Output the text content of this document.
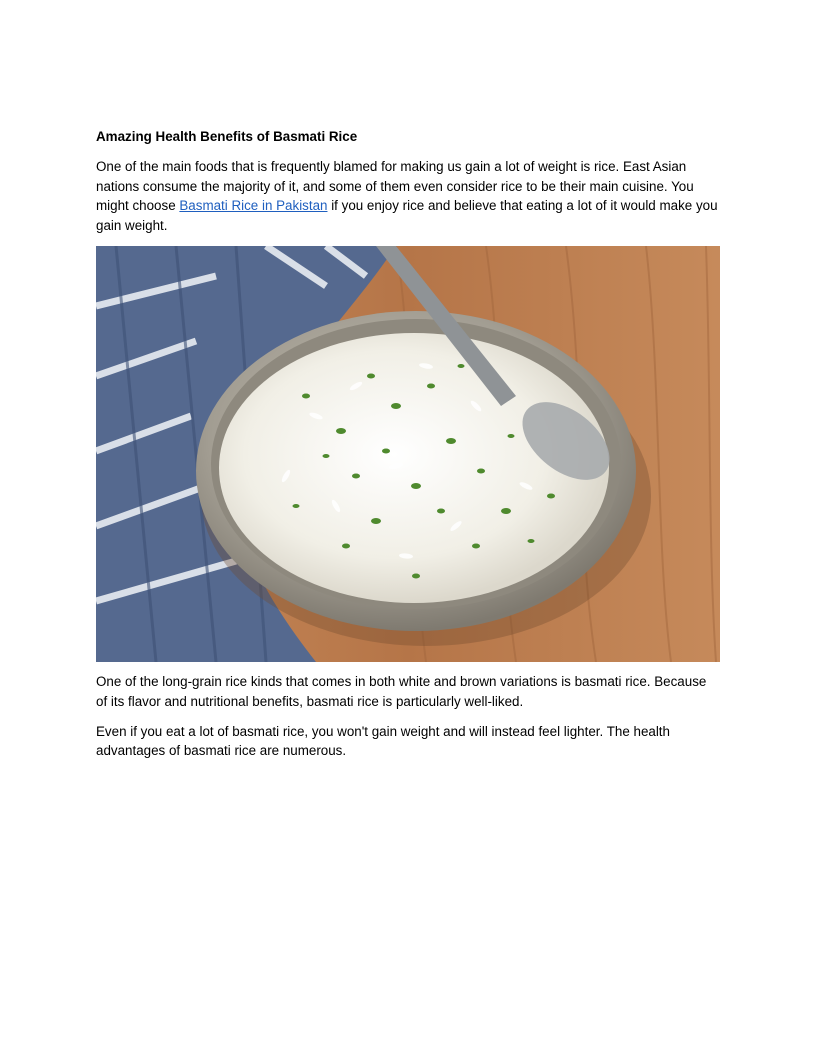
Amazing Health Benefits of Basmati Rice

One of the main foods that is frequently blamed for making us gain a lot of weight is rice. East Asian nations consume the majority of it, and some of them even consider rice to be their main cuisine. You might choose Basmati Rice in Pakistan if you enjoy rice and believe that eating a lot of it would make you gain weight.

One of the long-grain rice kinds that comes in both white and brown variations is basmati rice. Because of its flavor and nutritional benefits, basmati rice is particularly well-liked.

Even if you eat a lot of basmati rice, you won't gain weight and will instead feel lighter. The health advantages of basmati rice are numerous.
